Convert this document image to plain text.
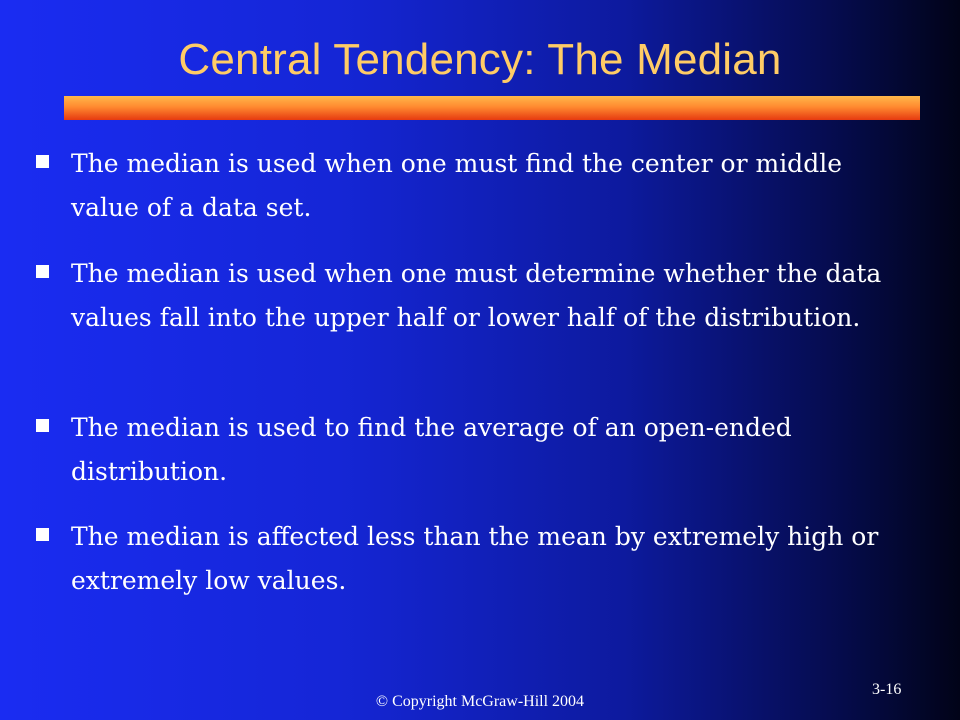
Central Tendency: The Median
The median is used when one must find the center or middle value of a data set.
The median is used when one must determine whether the data values fall into the upper half or lower half of the distribution.
The median is used to find the average of an open-ended distribution.
The median is affected less than the mean by extremely high or extremely low values.
3-16
© Copyright McGraw-Hill 2004
